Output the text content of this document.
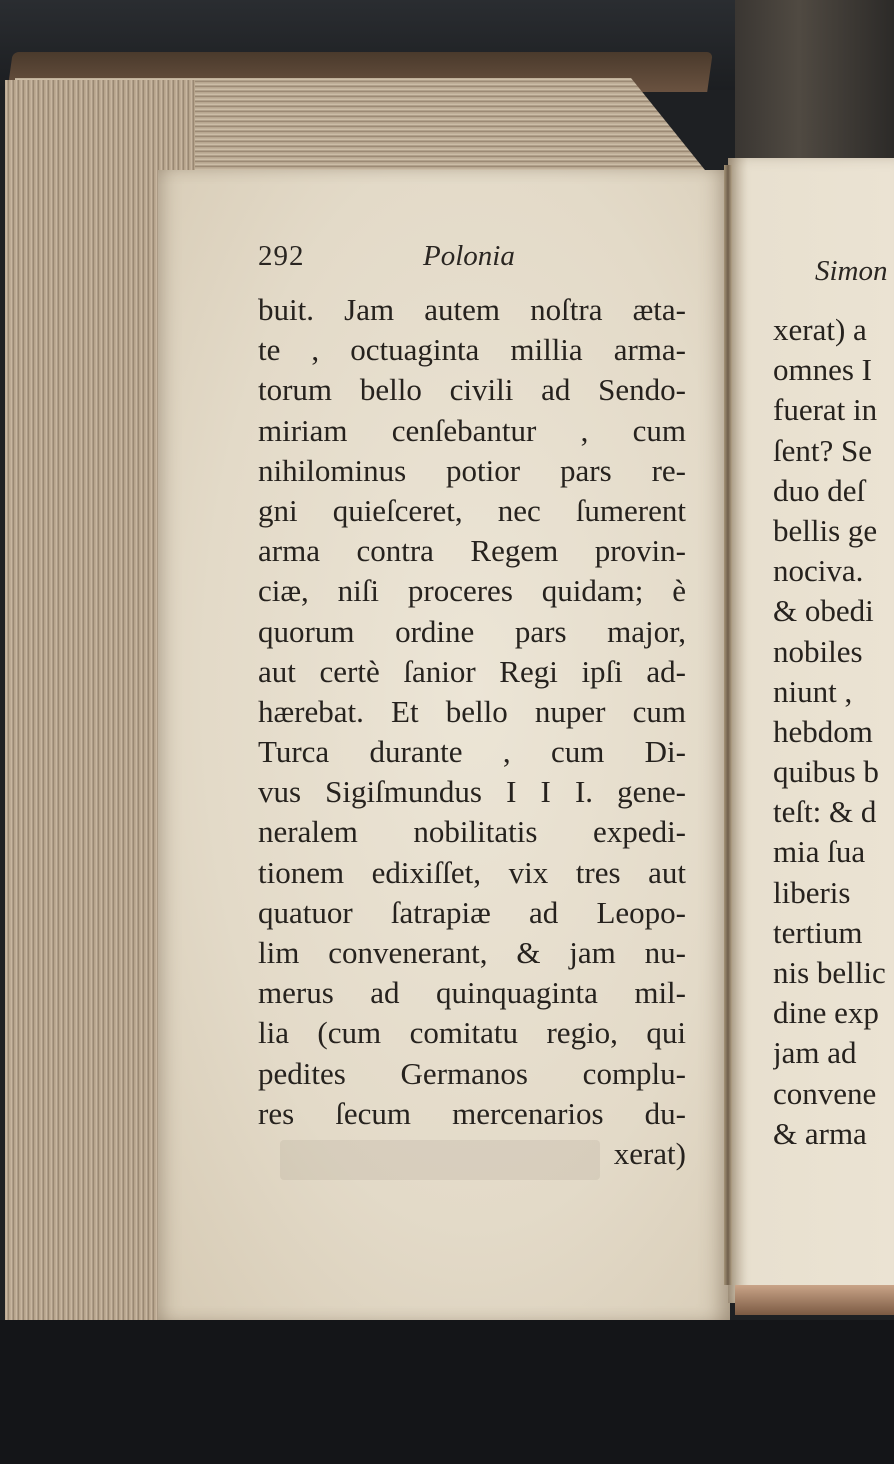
292	Polonia
buit. Jam autem noſtra æta-
te , octuaginta millia arma-
torum bello civili ad Sendo-
miriam cenſebantur , cum
nihilominus potior pars re-
gni quieſceret, nec ſumerent
arma contra Regem provin-
ciæ, niſi proceres quidam; è
quorum ordine pars major,
aut certè ſanior Regi ipſi ad-
hærebat. Et bello nuper cum
Turca durante , cum Di-
vus Sigiſmundus I I I. gene-
neralem nobilitatis expedi-
tionem edixiſſet, vix tres aut
quatuor ſatrapiæ ad Leopo-
lim convenerant, & jam nu-
merus ad quinquaginta mil-
lia (cum comitatu regio, qui
pedites Germanos complu-
res ſecum mercenarios du-
xerat)
Simon
xerat) a
omnes I
fuerat in
ſent? Se
duo deſ
bellis ge
nociva.
& obedi
nobiles
niunt ,
hebdom
quibus b
teſt: & d
mia ſua
liberis
tertium
nis bellic
dine exp
jam ad
convene
& arma
